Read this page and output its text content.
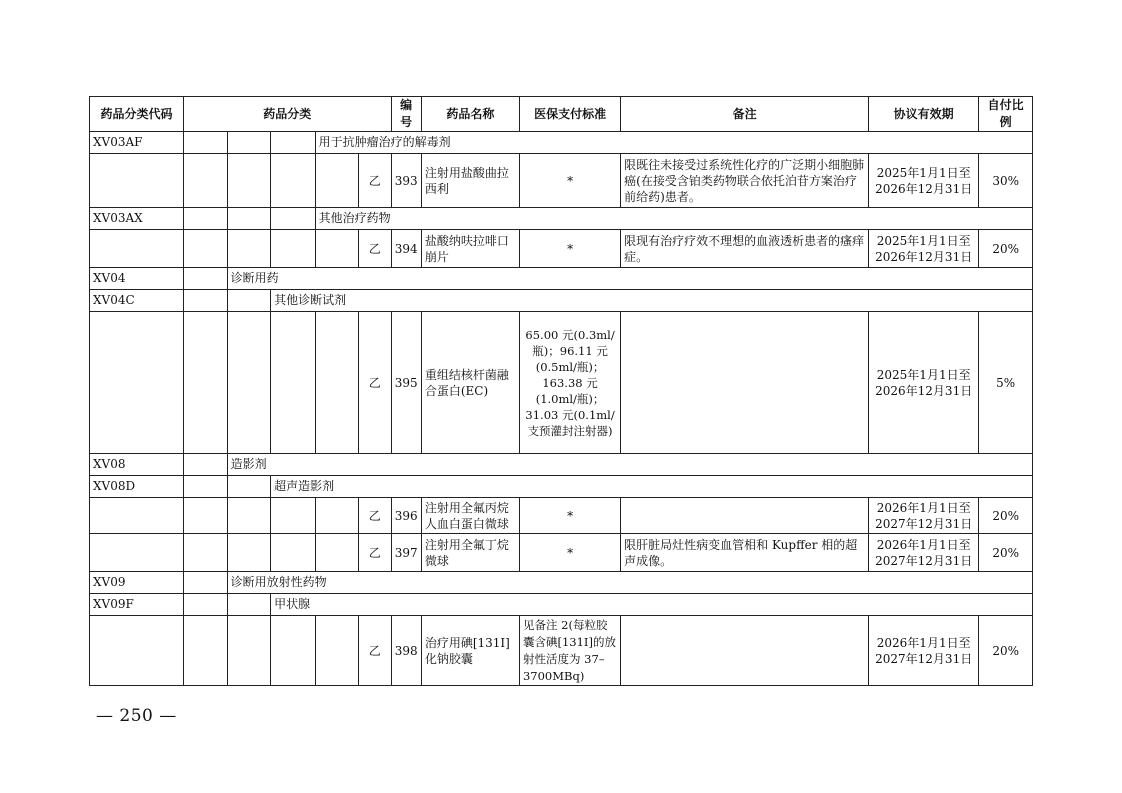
药品分类代码	药品分类					编号	药品名称	医保支付标准	备注	协议有效期	自付比例
XV03AF				用于抗肿瘤治疗的解毒剂							
					乙	393	注射用盐酸曲拉西利	*	限既往未接受过系统性化疗的广泛期小细胞肺癌(在接受含铂类药物联合依托泊苷方案治疗前给药)患者。	2025年1月1日至2026年12月31日	30%
XV03AX				其他治疗药物							
					乙	394	盐酸纳呋拉啡口崩片	*	限现有治疗疗效不理想的血液透析患者的瘙痒症。	2025年1月1日至2026年12月31日	20%
XV04		诊断用药									
XV04C			其他诊断试剂								
					乙	395	重组结核杆菌融合蛋白(EC)	65.00 元(0.3ml/瓶)；96.11 元(0.5ml/瓶)；163.38 元(1.0ml/瓶)；31.03 元(0.1ml/支预灌封注射器)		2025年1月1日至2026年12月31日	5%
XV08		造影剂									
XV08D			超声造影剂								
					乙	396	注射用全氟丙烷人血白蛋白微球	*		2026年1月1日至2027年12月31日	20%
					乙	397	注射用全氟丁烷微球	*	限肝脏局灶性病变血管相和 Kupffer 相的超声成像。	2026年1月1日至2027年12月31日	20%
XV09		诊断用放射性药物									
XV09F			甲状腺								
					乙	398	治疗用碘[131I]化钠胶囊	见备注 2(每粒胶囊含碘[131I]的放射性活度为 37–3700MBq)		2026年1月1日至2027年12月31日	20%
— 250 —
